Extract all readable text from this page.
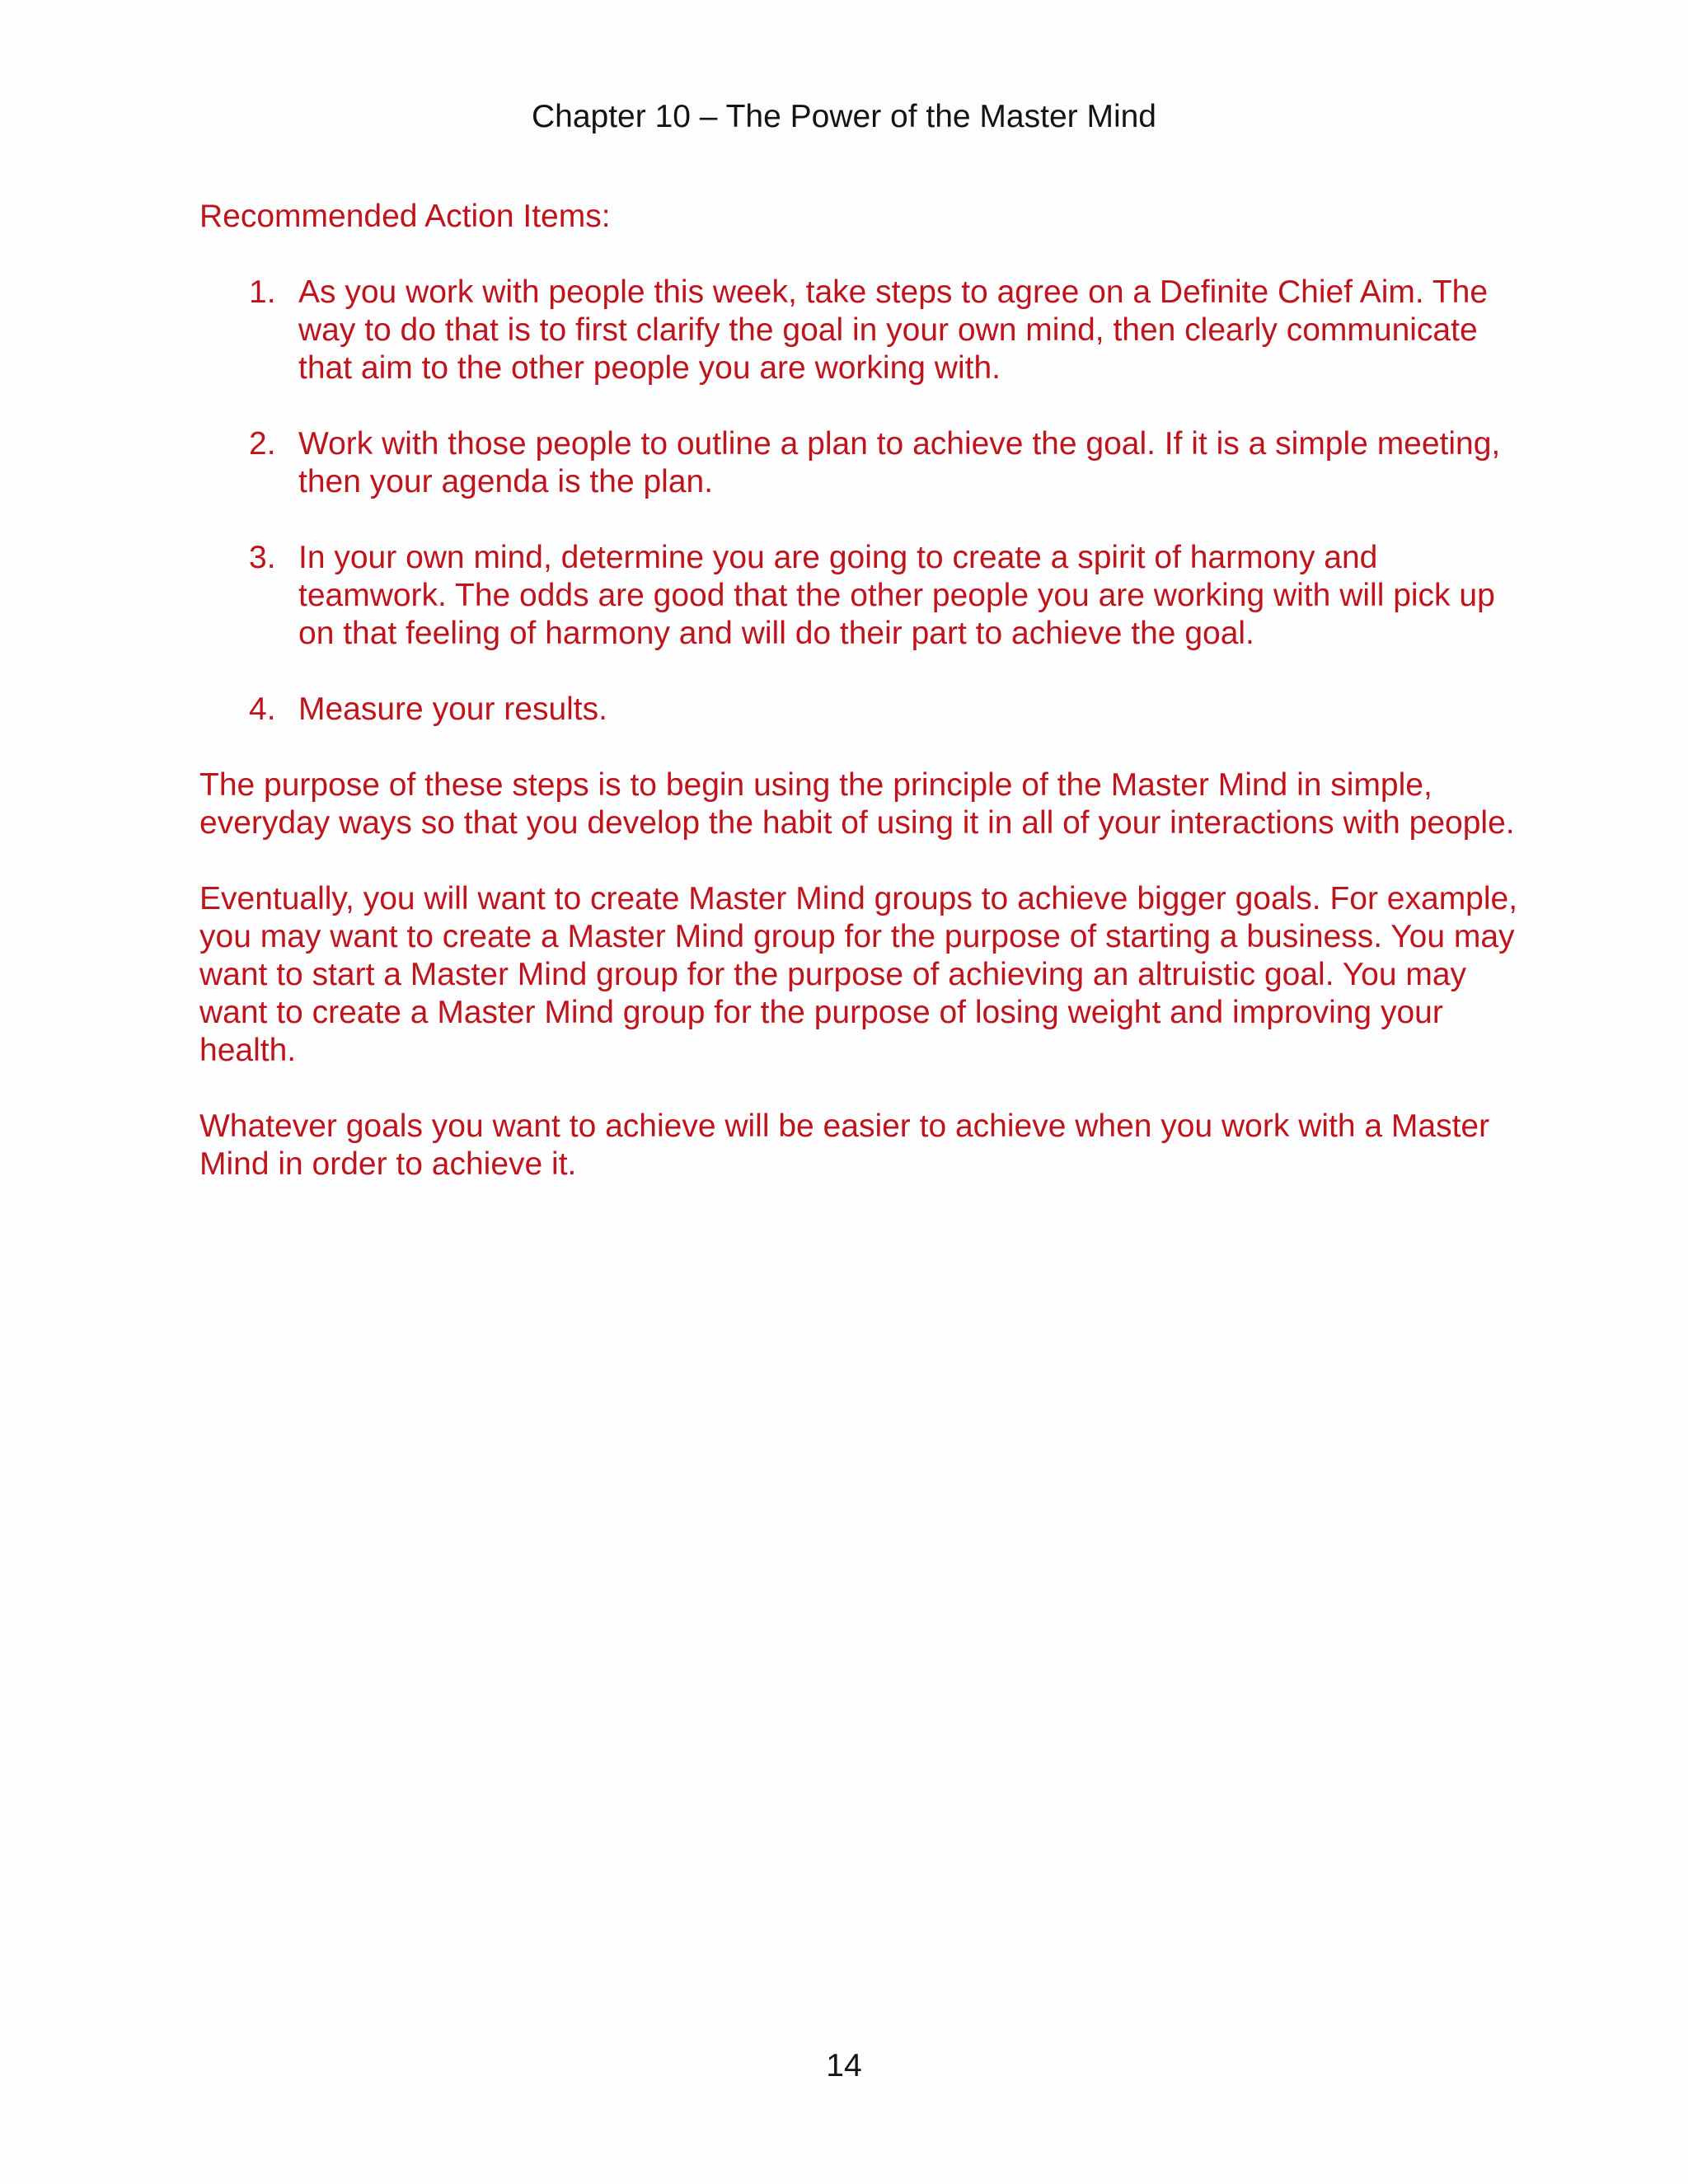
Chapter 10 – The Power of the Master Mind
Recommended Action Items:
1. As you work with people this week, take steps to agree on a Definite Chief Aim. The way to do that is to first clarify the goal in your own mind, then clearly communicate that aim to the other people you are working with.
2. Work with those people to outline a plan to achieve the goal. If it is a simple meeting, then your agenda is the plan.
3. In your own mind, determine you are going to create a spirit of harmony and teamwork. The odds are good that the other people you are working with will pick up on that feeling of harmony and will do their part to achieve the goal.
4. Measure your results.

The purpose of these steps is to begin using the principle of the Master Mind in simple, everyday ways so that you develop the habit of using it in all of your interactions with people.

Eventually, you will want to create Master Mind groups to achieve bigger goals. For example, you may want to create a Master Mind group for the purpose of starting a business. You may want to start a Master Mind group for the purpose of achieving an altruistic goal. You may want to create a Master Mind group for the purpose of losing weight and improving your health.

Whatever goals you want to achieve will be easier to achieve when you work with a Master Mind in order to achieve it.

14
